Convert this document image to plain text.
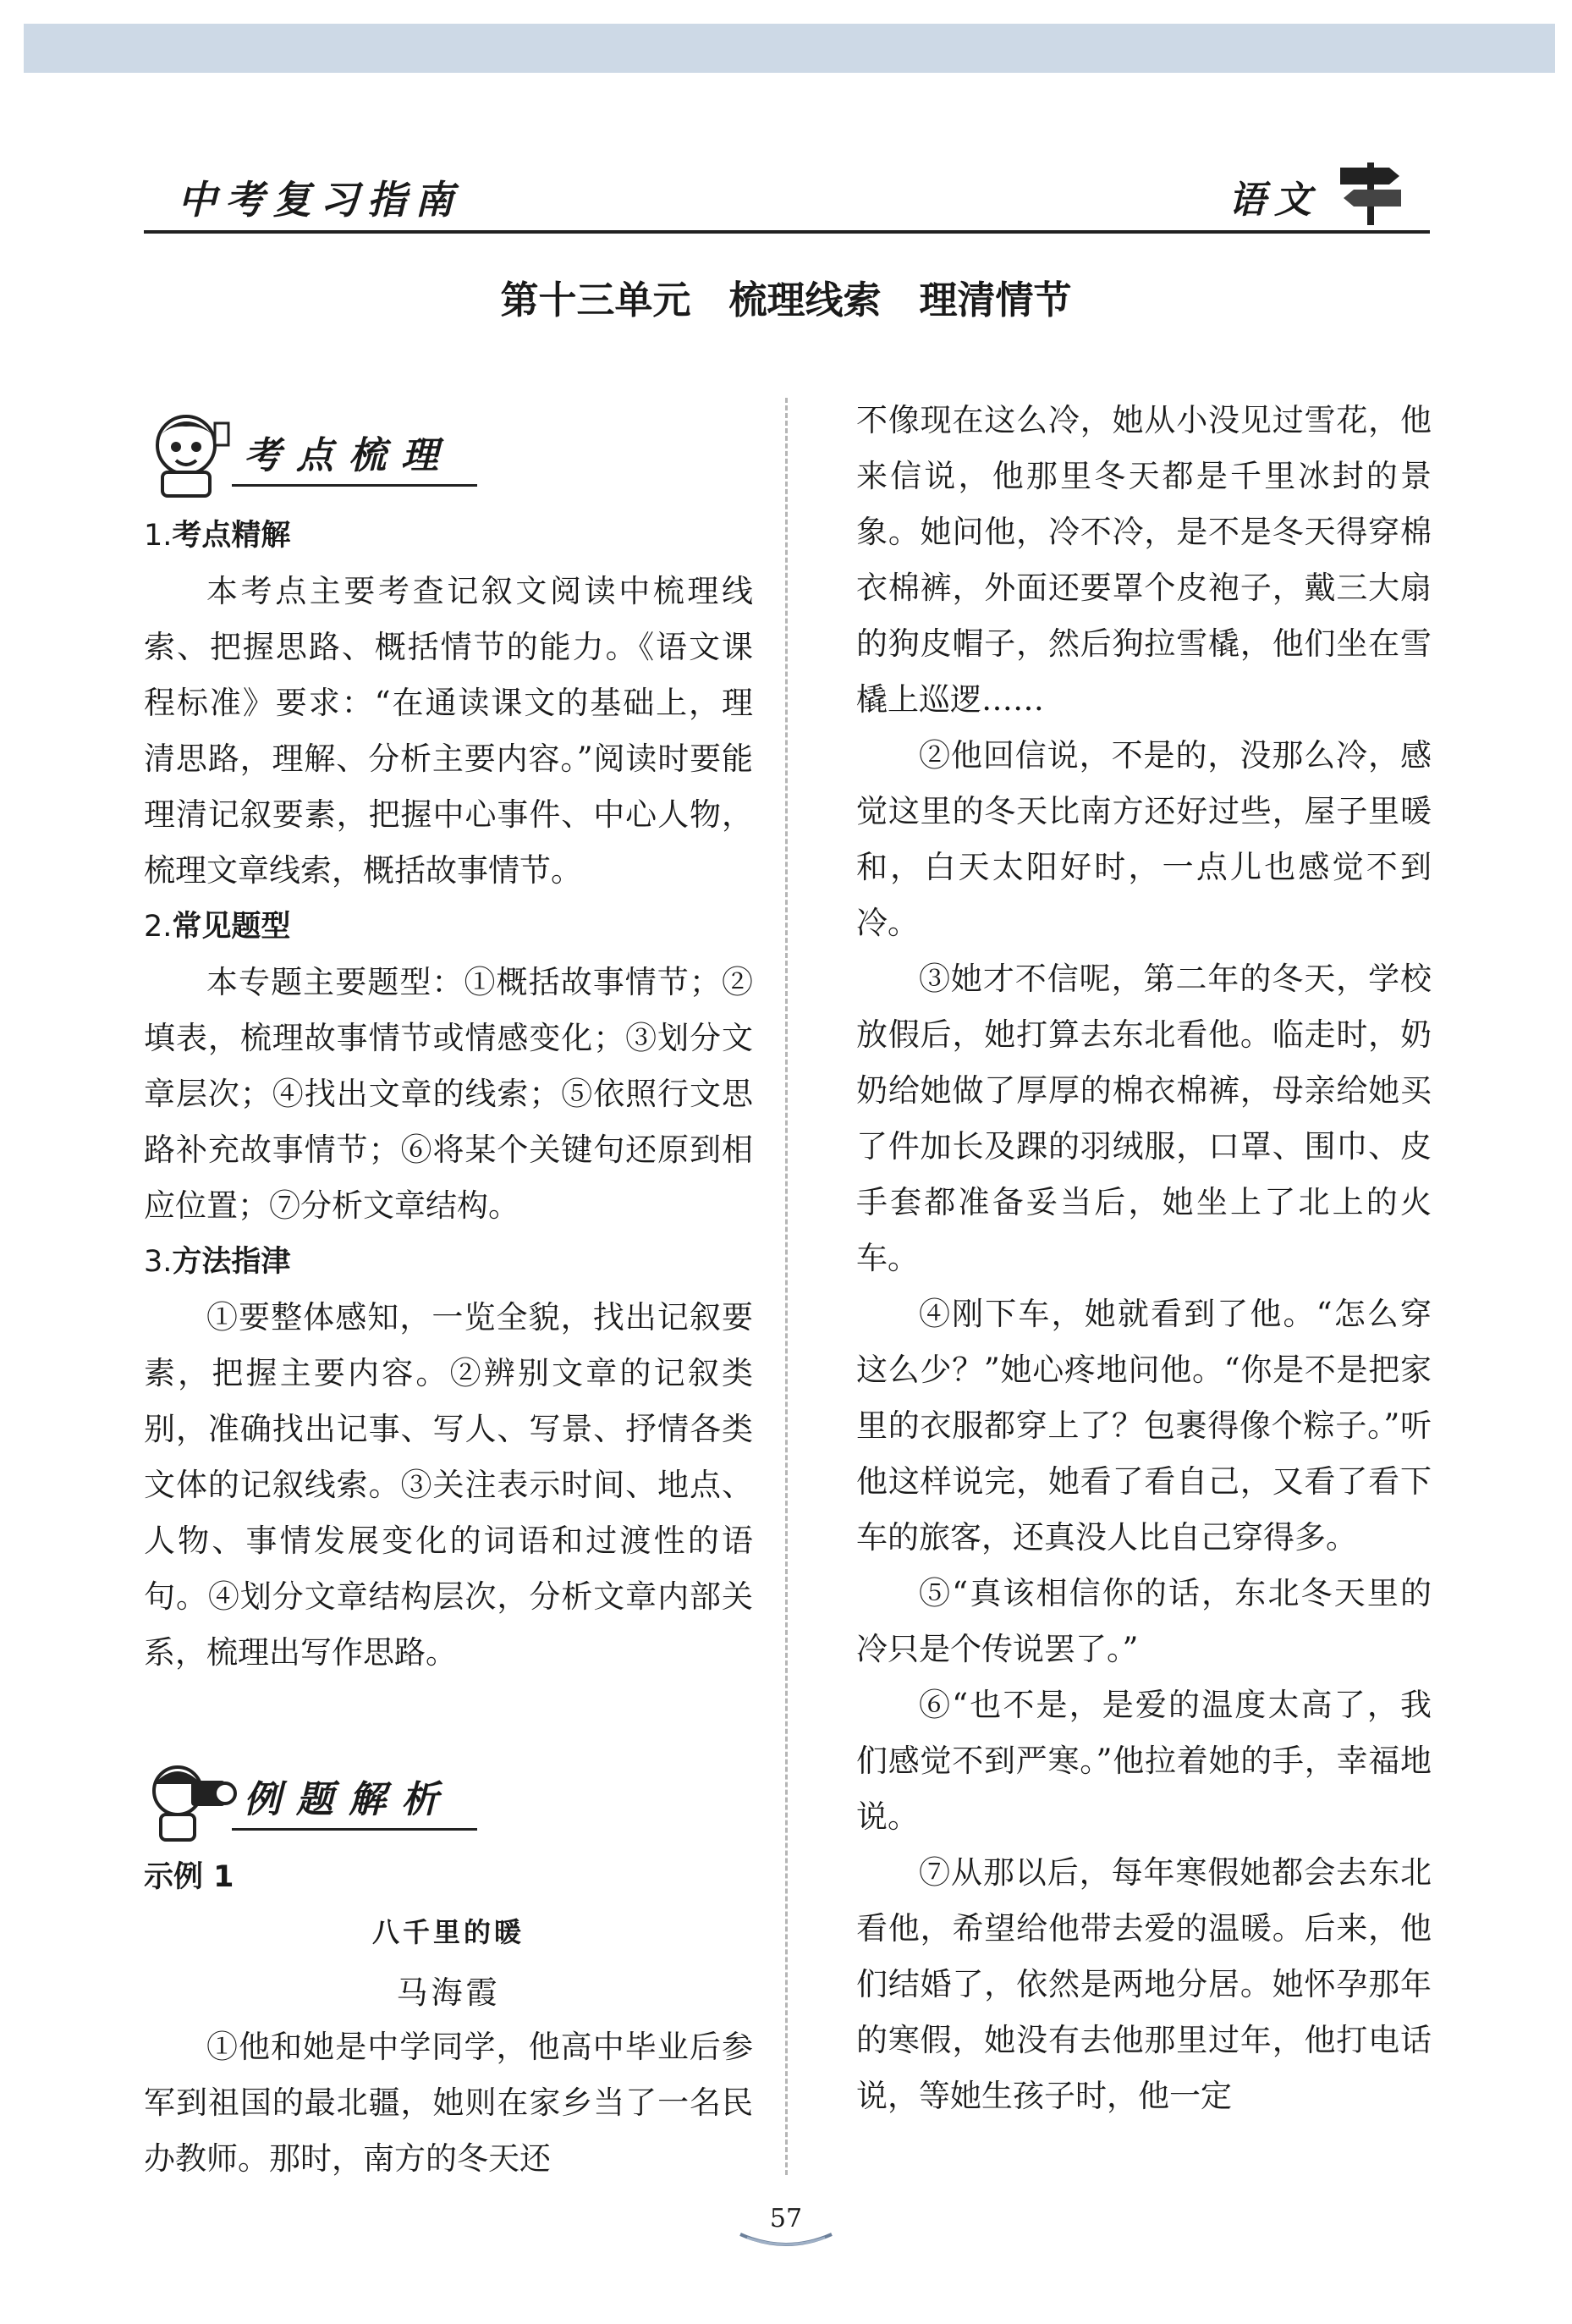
中考复习指南	语文
第十三单元　梳理线索　理清情节
考点梳理

1.考点精解

本考点主要考查记叙文阅读中梳理线索、把握思路、概括情节的能力。《语文课程标准》要求：“在通读课文的基础上，理清思路，理解、分析主要内容。”阅读时要能理清记叙要素，把握中心事件、中心人物，梳理文章线索，概括故事情节。

2.常见题型

本专题主要题型：①概括故事情节；②填表，梳理故事情节或情感变化；③划分文章层次；④找出文章的线索；⑤依照行文思路补充故事情节；⑥将某个关键句还原到相应位置；⑦分析文章结构。

3.方法指津

①要整体感知，一览全貌，找出记叙要素，把握主要内容。②辨别文章的记叙类别，准确找出记事、写人、写景、抒情各类文体的记叙线索。③关注表示时间、地点、人物、事情发展变化的词语和过渡性的语句。④划分文章结构层次，分析文章内部关系，梳理出写作思路。

例题解析
示例 1
八千里的暖
马海霞

①他和她是中学同学，他高中毕业后参军到祖国的最北疆，她则在家乡当了一名民办教师。那时，南方的冬天还

不像现在这么冷，她从小没见过雪花，他来信说，他那里冬天都是千里冰封的景象。她问他，冷不冷，是不是冬天得穿棉衣棉裤，外面还要罩个皮袍子，戴三大扇的狗皮帽子，然后狗拉雪橇，他们坐在雪橇上巡逻……

②他回信说，不是的，没那么冷，感觉这里的冬天比南方还好过些，屋子里暖和，白天太阳好时，一点儿也感觉不到冷。

③她才不信呢，第二年的冬天，学校放假后，她打算去东北看他。临走时，奶奶给她做了厚厚的棉衣棉裤，母亲给她买了件加长及踝的羽绒服，口罩、围巾、皮手套都准备妥当后，她坐上了北上的火车。

④刚下车，她就看到了他。“怎么穿这么少？”她心疼地问他。“你是不是把家里的衣服都穿上了？包裹得像个粽子。”听他这样说完，她看了看自己，又看了看下车的旅客，还真没人比自己穿得多。

⑤“真该相信你的话，东北冬天里的冷只是个传说罢了。”

⑥“也不是，是爱的温度太高了，我们感觉不到严寒。”他拉着她的手，幸福地说。

⑦从那以后，每年寒假她都会去东北看他，希望给他带去爱的温暖。后来，他们结婚了，依然是两地分居。她怀孕那年的寒假，她没有去他那里过年，他打电话说，等她生孩子时，他一定

57
